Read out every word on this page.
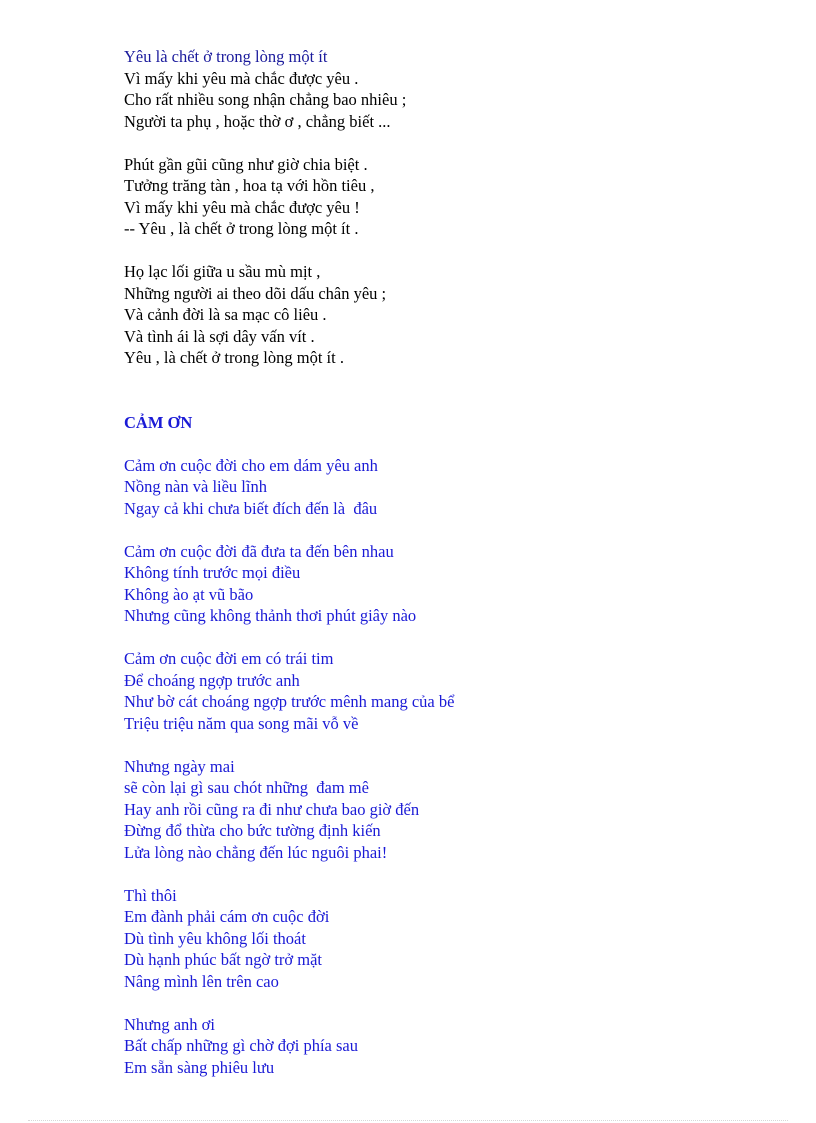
Yêu là chết ở trong lòng một ít

Vì mấy khi yêu mà chắc được yêu .

Cho rất nhiều song nhận chẳng bao nhiêu ;

Người ta phụ , hoặc thờ ơ , chẳng biết ...

Phút gần gũi cũng như giờ chia biệt .

Tưởng trăng tàn , hoa tạ với hồn tiêu ,

Vì mấy khi yêu mà chắc được yêu !

-- Yêu , là chết ở trong lòng một ít .

Họ lạc lối giữa u sầu mù mịt ,

Những người ai theo dõi dấu chân yêu ;

Và cảnh đời là sa mạc cô liêu .

Và tình ái là sợi dây vấn vít .

Yêu , là chết ở trong lòng một ít .

CẢM ƠN

Cảm ơn cuộc đời cho em dám yêu anh

Nồng nàn và liều lĩnh

Ngay cả khi chưa biết đích đến là  đâu

Cảm ơn cuộc đời đã đưa ta đến bên nhau

Không tính trước mọi điều

Không ào ạt vũ bão

Nhưng cũng không thảnh thơi phút giây nào

Cảm ơn cuộc đời em có trái tim

Để choáng ngợp trước anh

Như bờ cát choáng ngợp trước mênh mang của bể

Triệu triệu năm qua song mãi vỗ về

Nhưng ngày mai

sẽ còn lại gì sau chót những  đam mê

Hay anh rồi cũng ra đi như chưa bao giờ đến

Đừng đổ thừa cho bức tường định kiến

Lửa lòng nào chẳng đến lúc nguôi phai!

Thì thôi

Em đành phải cám ơn cuộc đời

Dù tình yêu không lối thoát

Dù hạnh phúc bất ngờ trở mặt

Nâng mình lên trên cao

Nhưng anh ơi

Bất chấp những gì chờ đợi phía sau

Em sẵn sàng phiêu lưu
